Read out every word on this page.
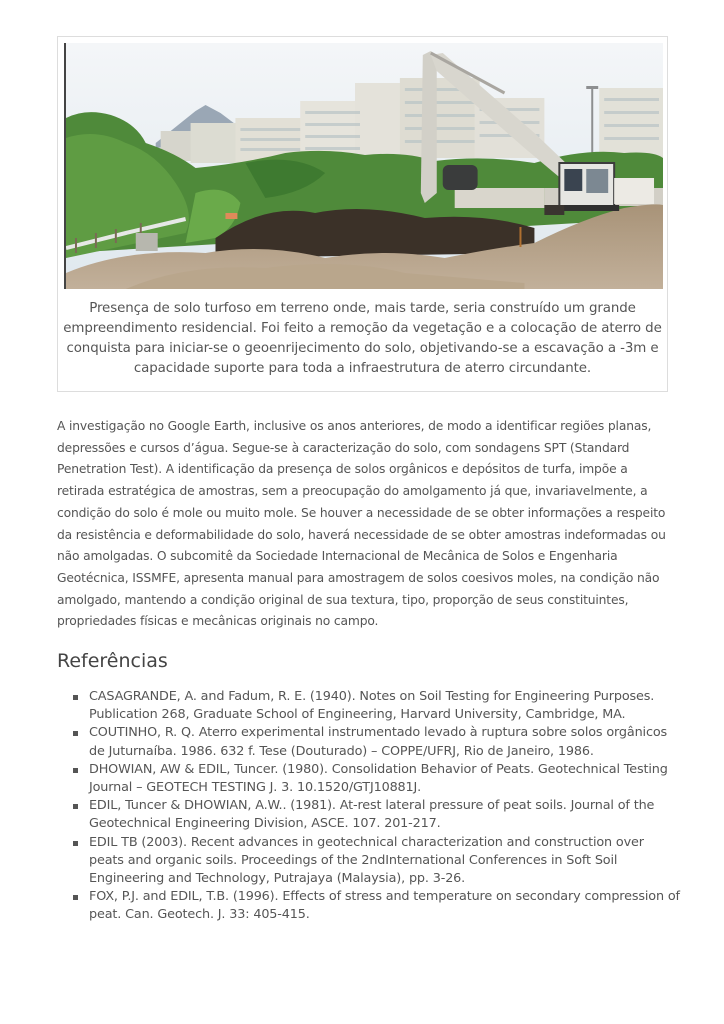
Presença de solo turfoso em terreno onde, mais tarde, seria construído um grande empreendimento residencial. Foi feito a remoção da vegetação e a colocação de aterro de conquista para iniciar-se o geoenrijecimento do solo, objetivando-se a escavação a -3m e capacidade suporte para toda a infraestrutura de aterro circundante.

A investigação no Google Earth, inclusive os anos anteriores, de modo a identificar regiões planas, depressões e cursos d’água. Segue-se à caracterização do solo, com sondagens SPT (Standard Penetration Test). A identificação da presença de solos orgânicos e depósitos de turfa, impõe a retirada estratégica de amostras, sem a preocupação do amolgamento já que, invariavelmente, a condição do solo é mole ou muito mole. Se houver a necessidade de se obter informações a respeito da resistência e deformabilidade do solo, haverá necessidade de se obter amostras indeformadas ou não amolgadas. O subcomitê da Sociedade Internacional de Mecânica de Solos e Engenharia Geotécnica, ISSMFE, apresenta manual para amostragem de solos coesivos moles, na condição não amolgado, mantendo a condição original de sua textura, tipo, proporção de seus constituintes, propriedades físicas e mecânicas originais no campo.

Referências
CASAGRANDE, A. and Fadum, R. E. (1940). Notes on Soil Testing for Engineering Purposes. Publication 268, Graduate School of Engineering, Harvard University, Cambridge, MA.
COUTINHO, R. Q. Aterro experimental instrumentado levado à ruptura sobre solos orgânicos de Juturnaíba. 1986. 632 f. Tese (Douturado) – COPPE/UFRJ, Rio de Janeiro, 1986.
DHOWIAN, AW & EDIL, Tuncer. (1980). Consolidation Behavior of Peats. Geotechnical Testing Journal – GEOTECH TESTING J. 3. 10.1520/GTJ10881J.
EDIL, Tuncer & DHOWIAN, A.W.. (1981). At-rest lateral pressure of peat soils. Journal of the Geotechnical Engineering Division, ASCE. 107. 201-217.
EDIL TB (2003). Recent advances in geotechnical characterization and construction over peats and organic soils. Proceedings of the 2ndInternational Conferences in Soft Soil Engineering and Technology, Putrajaya (Malaysia), pp. 3-26.
FOX, P.J. and EDIL, T.B. (1996). Effects of stress and temperature on secondary compression of peat. Can. Geotech. J. 33: 405-415.
